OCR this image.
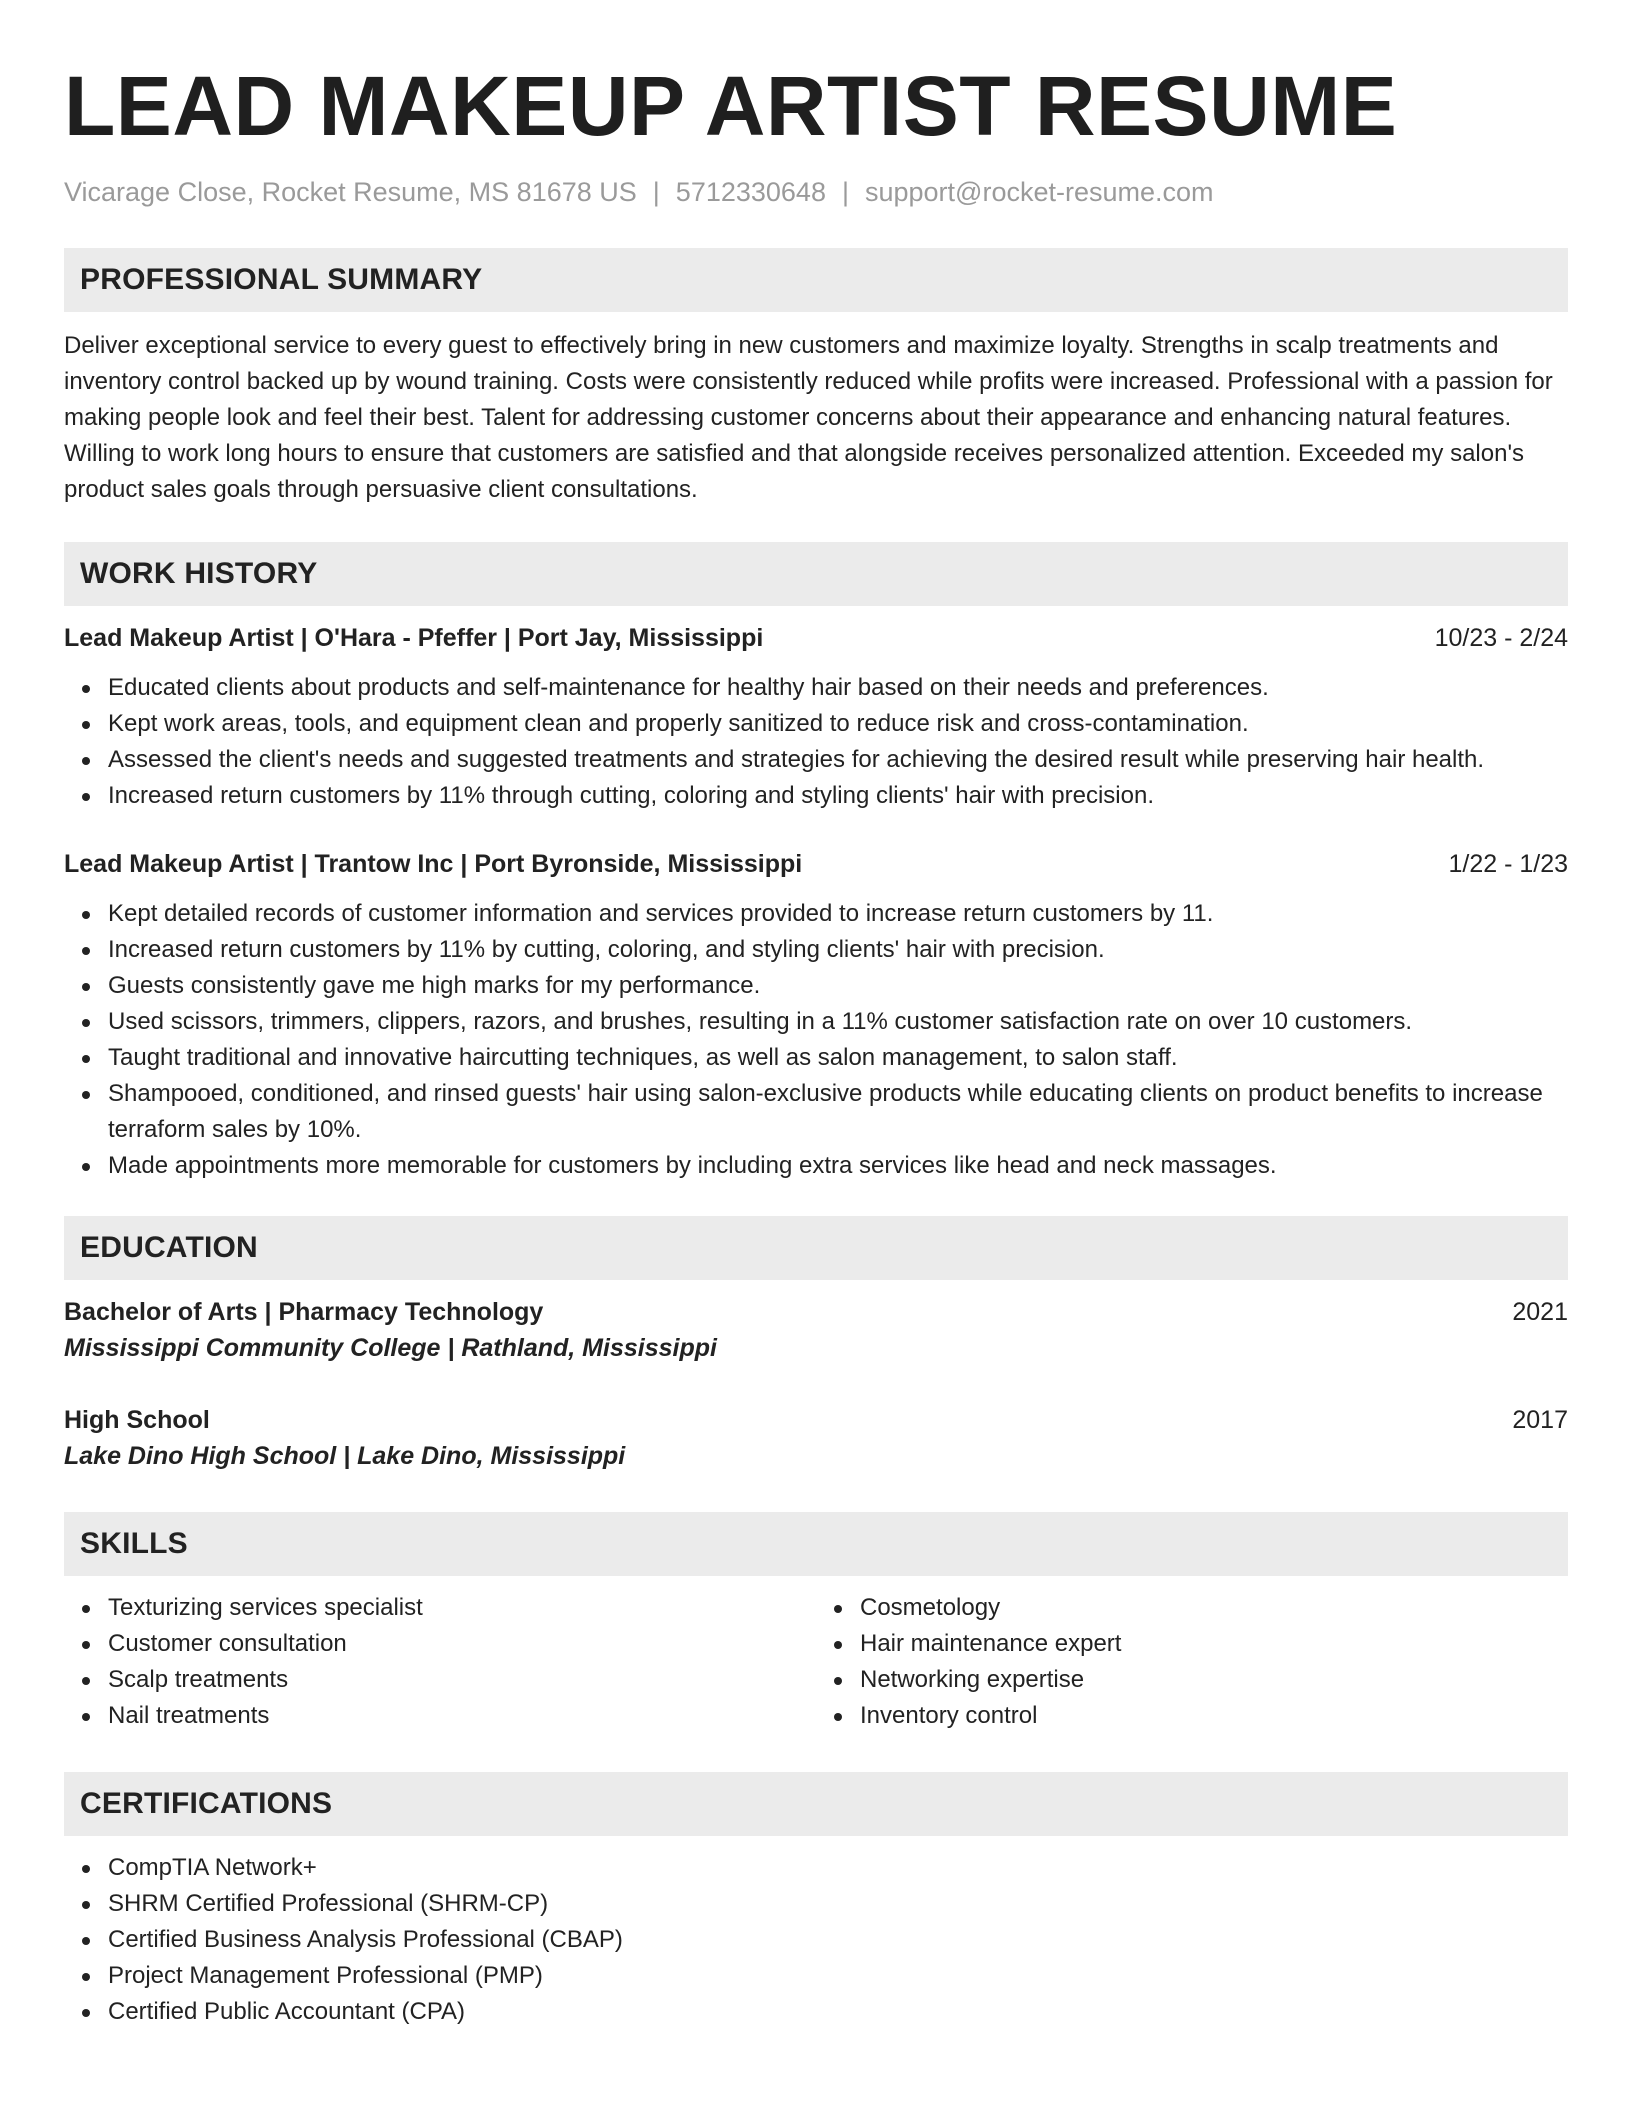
LEAD MAKEUP ARTIST RESUME
Vicarage Close, Rocket Resume, MS 81678 US | 5712330648 | support@rocket-resume.com
PROFESSIONAL SUMMARY

Deliver exceptional service to every guest to effectively bring in new customers and maximize loyalty. Strengths in scalp treatments and inventory control backed up by wound training. Costs were consistently reduced while profits were increased. Professional with a passion for making people look and feel their best. Talent for addressing customer concerns about their appearance and enhancing natural features. Willing to work long hours to ensure that customers are satisfied and that alongside receives personalized attention. Exceeded my salon's product sales goals through persuasive client consultations.

WORK HISTORY
Lead Makeup Artist | O'Hara - Pfeffer | Port Jay, Mississippi	10/23 - 2/24
Educated clients about products and self-maintenance for healthy hair based on their needs and preferences.
Kept work areas, tools, and equipment clean and properly sanitized to reduce risk and cross-contamination.
Assessed the client's needs and suggested treatments and strategies for achieving the desired result while preserving hair health.
Increased return customers by 11% through cutting, coloring and styling clients' hair with precision.
Lead Makeup Artist | Trantow Inc | Port Byronside, Mississippi	1/22 - 1/23
Kept detailed records of customer information and services provided to increase return customers by 11.
Increased return customers by 11% by cutting, coloring, and styling clients' hair with precision.
Guests consistently gave me high marks for my performance.
Used scissors, trimmers, clippers, razors, and brushes, resulting in a 11% customer satisfaction rate on over 10 customers.
Taught traditional and innovative haircutting techniques, as well as salon management, to salon staff.
Shampooed, conditioned, and rinsed guests' hair using salon-exclusive products while educating clients on product benefits to increase terraform sales by 10%.
Made appointments more memorable for customers by including extra services like head and neck massages.
EDUCATION
Bachelor of Arts | Pharmacy Technology	2021
Mississippi Community College | Rathland, Mississippi
High School	2017
Lake Dino High School | Lake Dino, Mississippi
SKILLS
Texturizing services specialist
Customer consultation
Scalp treatments
Nail treatments
Cosmetology
Hair maintenance expert
Networking expertise
Inventory control
CERTIFICATIONS
CompTIA Network+
SHRM Certified Professional (SHRM-CP)
Certified Business Analysis Professional (CBAP)
Project Management Professional (PMP)
Certified Public Accountant (CPA)
